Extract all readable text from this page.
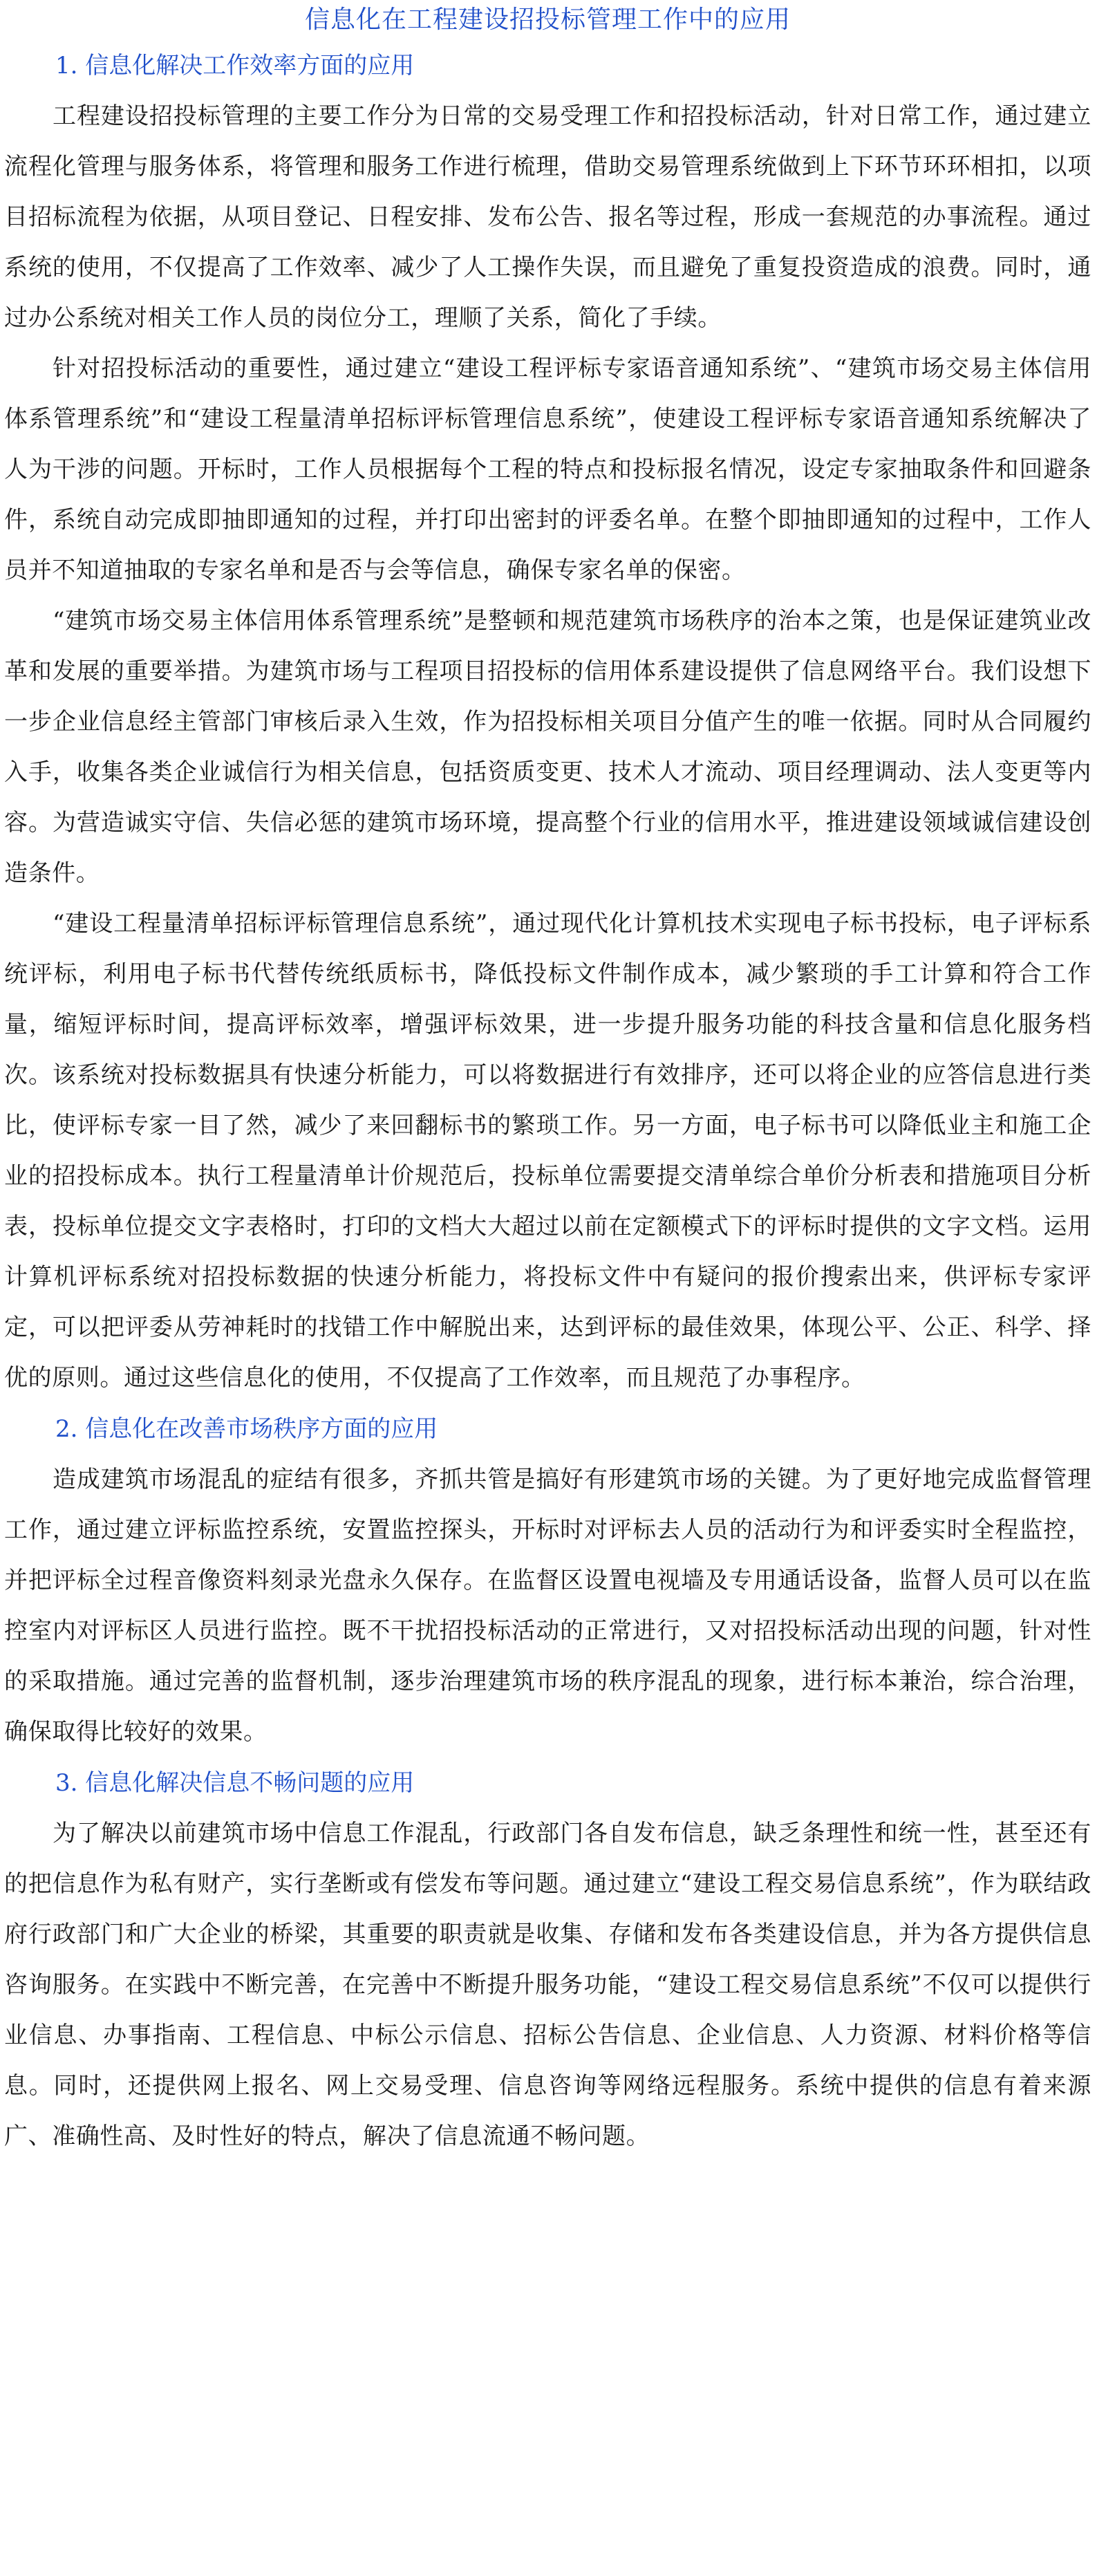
信息化在工程建设招投标管理工作中的应用
1. 信息化解决工作效率方面的应用

工程建设招投标管理的主要工作分为日常的交易受理工作和招投标活动，针对日常工作，通过建立流程化管理与服务体系，将管理和服务工作进行梳理，借助交易管理系统做到上下环节环环相扣，以项目招标流程为依据，从项目登记、日程安排、发布公告、报名等过程，形成一套规范的办事流程。通过系统的使用，不仅提高了工作效率、减少了人工操作失误，而且避免了重复投资造成的浪费。同时，通过办公系统对相关工作人员的岗位分工，理顺了关系，简化了手续。

针对招投标活动的重要性，通过建立“建设工程评标专家语音通知系统”、“建筑市场交易主体信用体系管理系统”和“建设工程量清单招标评标管理信息系统”，使建设工程评标专家语音通知系统解决了人为干涉的问题。开标时，工作人员根据每个工程的特点和投标报名情况，设定专家抽取条件和回避条件，系统自动完成即抽即通知的过程，并打印出密封的评委名单。在整个即抽即通知的过程中，工作人员并不知道抽取的专家名单和是否与会等信息，确保专家名单的保密。

“建筑市场交易主体信用体系管理系统”是整顿和规范建筑市场秩序的治本之策，也是保证建筑业改革和发展的重要举措。为建筑市场与工程项目招投标的信用体系建设提供了信息网络平台。我们设想下一步企业信息经主管部门审核后录入生效，作为招投标相关项目分值产生的唯一依据。同时从合同履约入手，收集各类企业诚信行为相关信息，包括资质变更、技术人才流动、项目经理调动、法人变更等内容。为营造诚实守信、失信必惩的建筑市场环境，提高整个行业的信用水平，推进建设领域诚信建设创造条件。

“建设工程量清单招标评标管理信息系统”，通过现代化计算机技术实现电子标书投标，电子评标系统评标，利用电子标书代替传统纸质标书，降低投标文件制作成本，减少繁琐的手工计算和符合工作量，缩短评标时间，提高评标效率，增强评标效果，进一步提升服务功能的科技含量和信息化服务档次。该系统对投标数据具有快速分析能力，可以将数据进行有效排序，还可以将企业的应答信息进行类比，使评标专家一目了然，减少了来回翻标书的繁琐工作。另一方面，电子标书可以降低业主和施工企业的招投标成本。执行工程量清单计价规范后，投标单位需要提交清单综合单价分析表和措施项目分析表，投标单位提交文字表格时，打印的文档大大超过以前在定额模式下的评标时提供的文字文档。运用计算机评标系统对招投标数据的快速分析能力，将投标文件中有疑问的报价搜索出来，供评标专家评定，可以把评委从劳神耗时的找错工作中解脱出来，达到评标的最佳效果，体现公平、公正、科学、择优的原则。通过这些信息化的使用，不仅提高了工作效率，而且规范了办事程序。

2. 信息化在改善市场秩序方面的应用

造成建筑市场混乱的症结有很多，齐抓共管是搞好有形建筑市场的关键。为了更好地完成监督管理工作，通过建立评标监控系统，安置监控探头，开标时对评标去人员的活动行为和评委实时全程监控，并把评标全过程音像资料刻录光盘永久保存。在监督区设置电视墙及专用通话设备，监督人员可以在监控室内对评标区人员进行监控。既不干扰招投标活动的正常进行，又对招投标活动出现的问题，针对性的采取措施。通过完善的监督机制，逐步治理建筑市场的秩序混乱的现象，进行标本兼治，综合治理，确保取得比较好的效果。

3. 信息化解决信息不畅问题的应用

为了解决以前建筑市场中信息工作混乱，行政部门各自发布信息，缺乏条理性和统一性，甚至还有的把信息作为私有财产，实行垄断或有偿发布等问题。通过建立“建设工程交易信息系统”，作为联结政府行政部门和广大企业的桥梁，其重要的职责就是收集、存储和发布各类建设信息，并为各方提供信息咨询服务。在实践中不断完善，在完善中不断提升服务功能，“建设工程交易信息系统”不仅可以提供行业信息、办事指南、工程信息、中标公示信息、招标公告信息、企业信息、人力资源、材料价格等信息。同时，还提供网上报名、网上交易受理、信息咨询等网络远程服务。系统中提供的信息有着来源广、准确性高、及时性好的特点，解决了信息流通不畅问题。
